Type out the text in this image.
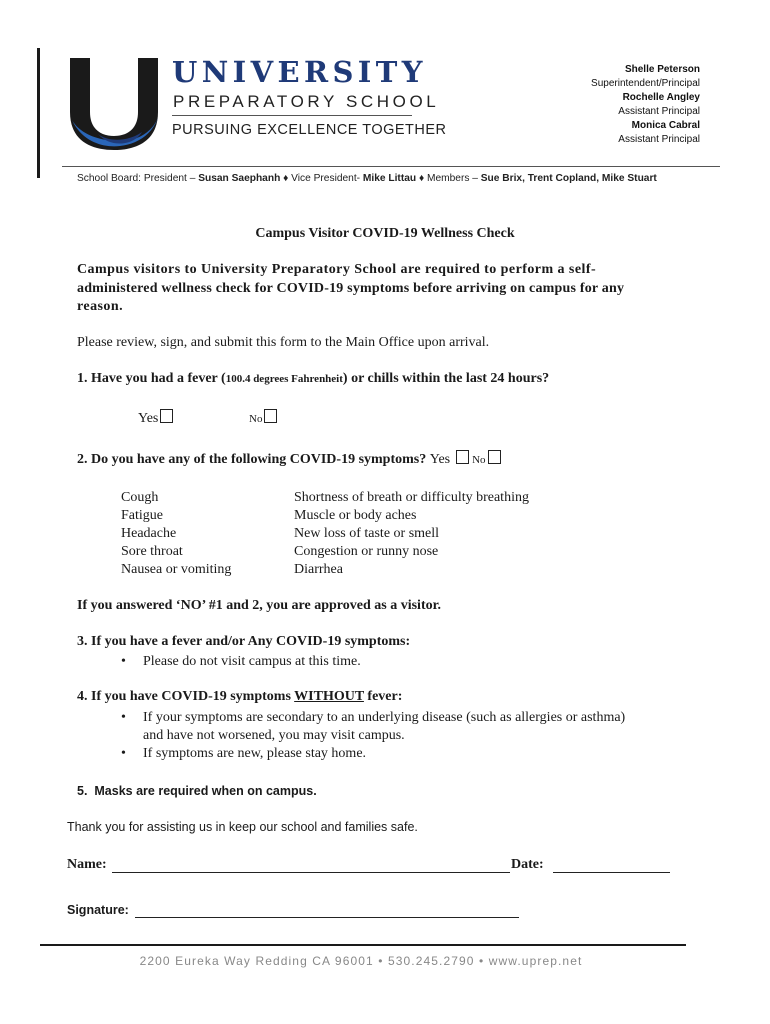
UNIVERSITY
PREPARATORY SCHOOL
PURSUING EXCELLENCE TOGETHER
Shelle Peterson
Superintendent/Principal
Rochelle Angley
Assistant Principal
Monica Cabral
Assistant Principal
School Board: President – Susan Saephanh ♦ Vice President- Mike Littau ♦ Members – Sue Brix, Trent Copland, Mike Stuart
Campus Visitor COVID-19 Wellness Check
Campus visitors to University Preparatory School are required to perform a self-
administered wellness check for COVID-19 symptoms before arriving on campus for any
reason.
Please review, sign, and submit this form to the Main Office upon arrival.
1. Have you had a fever (100.4 degrees Fahrenheit) or chills within the last 24 hours?
Yes	No
2. Do you have any of the following COVID-19 symptoms? Yes No
Cough
Fatigue
Headache
Sore throat
Nausea or vomiting
Shortness of breath or difficulty breathing
Muscle or body aches
New loss of taste or smell
Congestion or runny nose
Diarrhea
If you answered ‘NO’ #1 and 2, you are approved as a visitor.
3. If you have a fever and/or Any COVID-19 symptoms:
• Please do not visit campus at this time.
4. If you have COVID-19 symptoms WITHOUT fever:
• If your symptoms are secondary to an underlying disease (such as allergies or asthma)
and have not worsened, you may visit campus.
• If symptoms are new, please stay home.
5. Masks are required when on campus.
Thank you for assisting us in keep our school and families safe.
Name:	Date:
Signature:
2200 Eureka Way Redding CA 96001 • 530.245.2790 • www.uprep.net
